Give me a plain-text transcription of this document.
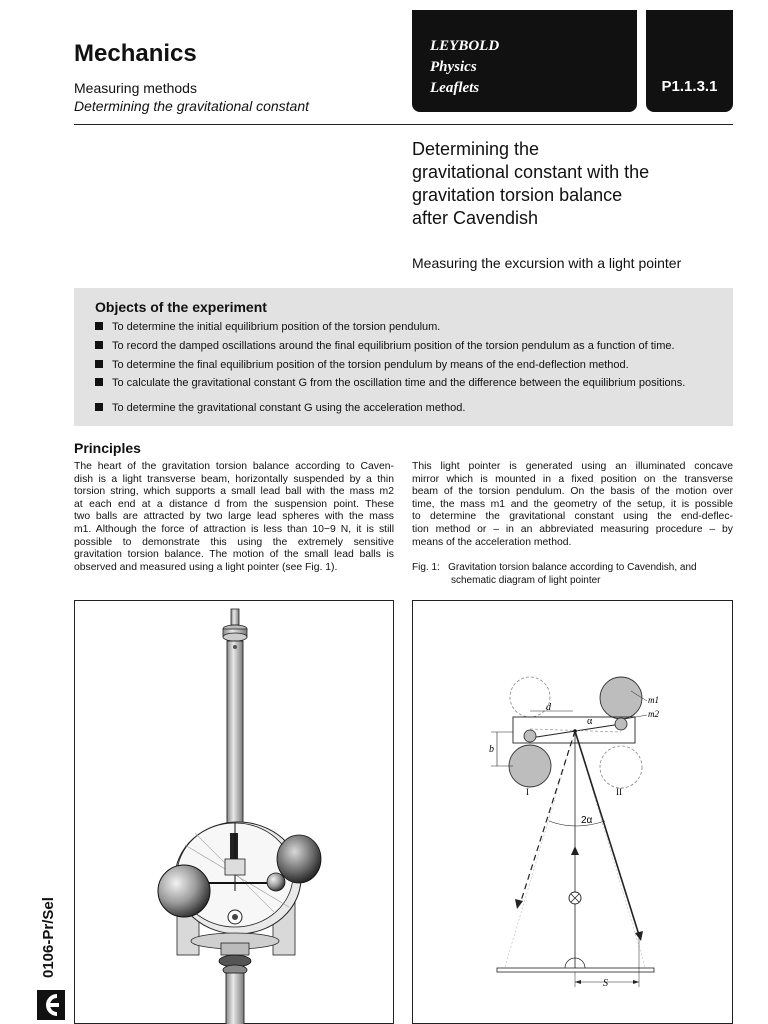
Mechanics
Measuring methods
Determining the gravitational constant
LEYBOLD
Physics
Leaflets	P1.1.3.1
Determining the
gravitational constant with the
gravitation torsion balance
after Cavendish
Measuring the excursion with a light pointer
Objects of the experiment
To determine the initial equilibrium position of the torsion pendulum.
To record the damped oscillations around the final equilibrium position of the torsion pendulum as a function of time.
To determine the final equilibrium position of the torsion pendulum by means of the end-deflection method.
To calculate the gravitational constant G from the oscillation time and the difference between the equilibrium positions.
To determine the gravitational constant G using the acceleration method.
Principles
The heart of the gravitation torsion balance according to Caven-
dish is a light transverse beam, horizontally suspended by a thin
torsion string, which supports a small lead ball with the mass m2
at each end at a distance d from the suspension point. These
two balls are attracted by two large lead spheres with the mass
m1. Although the force of attraction is less than 10−9 N, it is still
possible to demonstrate this using the extremely sensitive
gravitation torsion balance. The motion of the small lead balls is
observed and measured using a light pointer (see Fig. 1).
This light pointer is generated using an illuminated concave
mirror which is mounted in a fixed position on the transverse
beam of the torsion pendulum. On the basis of the motion over
time, the mass m1 and the geometry of the setup, it is possible
to determine the gravitational constant using the end-deflec-
tion method or – in an abbreviated measuring procedure – by
means of the acceleration method.
Fig. 1:   Gravitation torsion balance according to Cavendish, and
schematic diagram of light pointer
d
α
m1
m2
b
I	II
2α
S
0106-Pr/Sel
